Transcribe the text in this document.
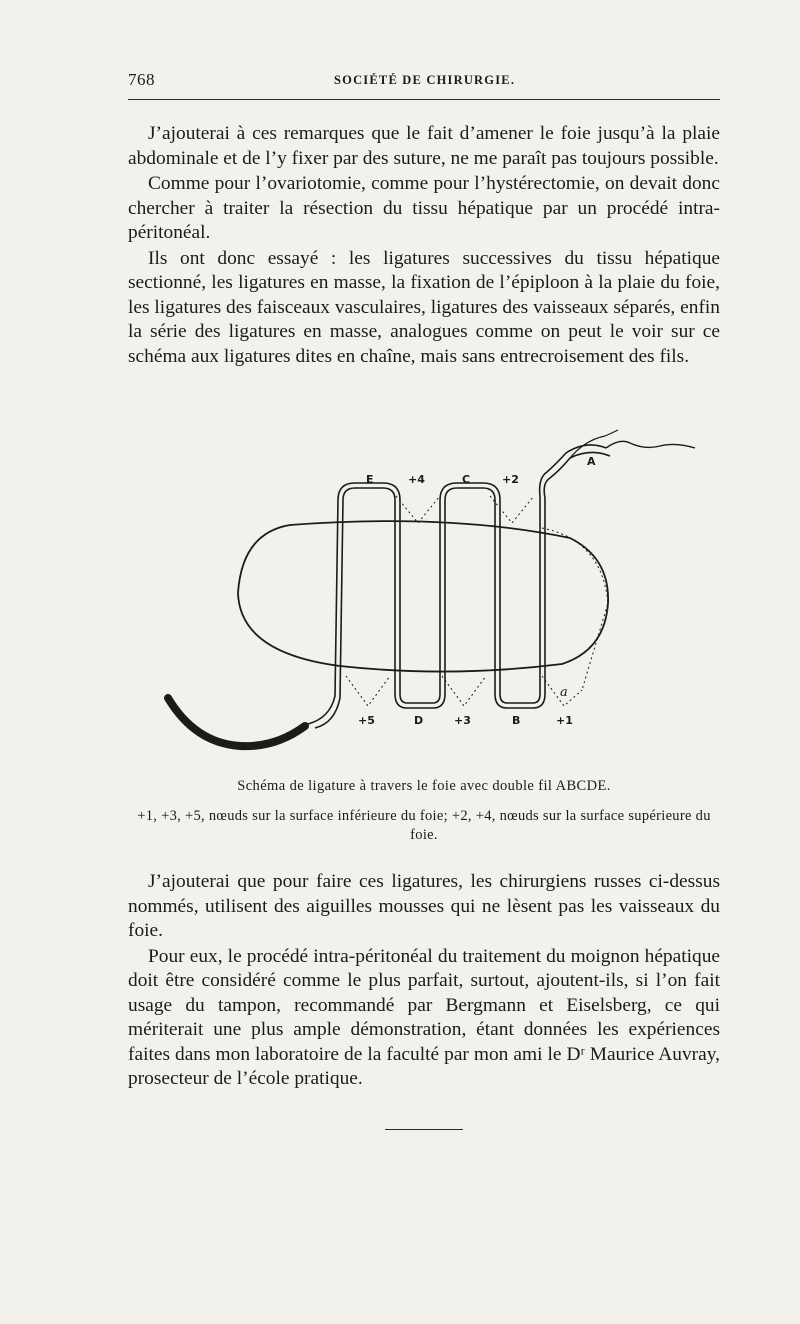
768	SOCIÉTÉ DE CHIRURGIE.

J’ajouterai à ces remarques que le fait d’amener le foie jusqu’à la plaie abdominale et de l’y fixer par des suture, ne me paraît pas toujours possible.

Comme pour l’ovariotomie, comme pour l’hystérectomie, on devait donc chercher à traiter la résection du tissu hépatique par un procédé intra-péritonéal.

Ils ont donc essayé : les ligatures successives du tissu hépatique sectionné, les ligatures en masse, la fixation de l’épiploon à la plaie du foie, les ligatures des faisceaux vasculaires, ligatures des vaisseaux séparés, enfin la série des ligatures en masse, analogues comme on peut le voir sur ce schéma aux ligatures dites en chaîne, mais sans entrecroisement des fils.

E	+4	C	+2
A
a
+5	D	+3	B	+1
Schéma de ligature à travers le foie avec double fil ABCDE.
+1, +3, +5, nœuds sur la surface inférieure du foie; +2, +4, nœuds sur la surface supérieure du foie.

J’ajouterai que pour faire ces ligatures, les chirurgiens russes ci-dessus nommés, utilisent des aiguilles mousses qui ne lèsent pas les vaisseaux du foie.

Pour eux, le procédé intra-péritonéal du traitement du moignon hépatique doit être considéré comme le plus parfait, surtout, ajoutent-ils, si l’on fait usage du tampon, recommandé par Bergmann et Eiselsberg, ce qui mériterait une plus ample démonstration, étant données les expériences faites dans mon laboratoire de la faculté par mon ami le Dʳ Maurice Auvray, prosecteur de l’école pratique.
